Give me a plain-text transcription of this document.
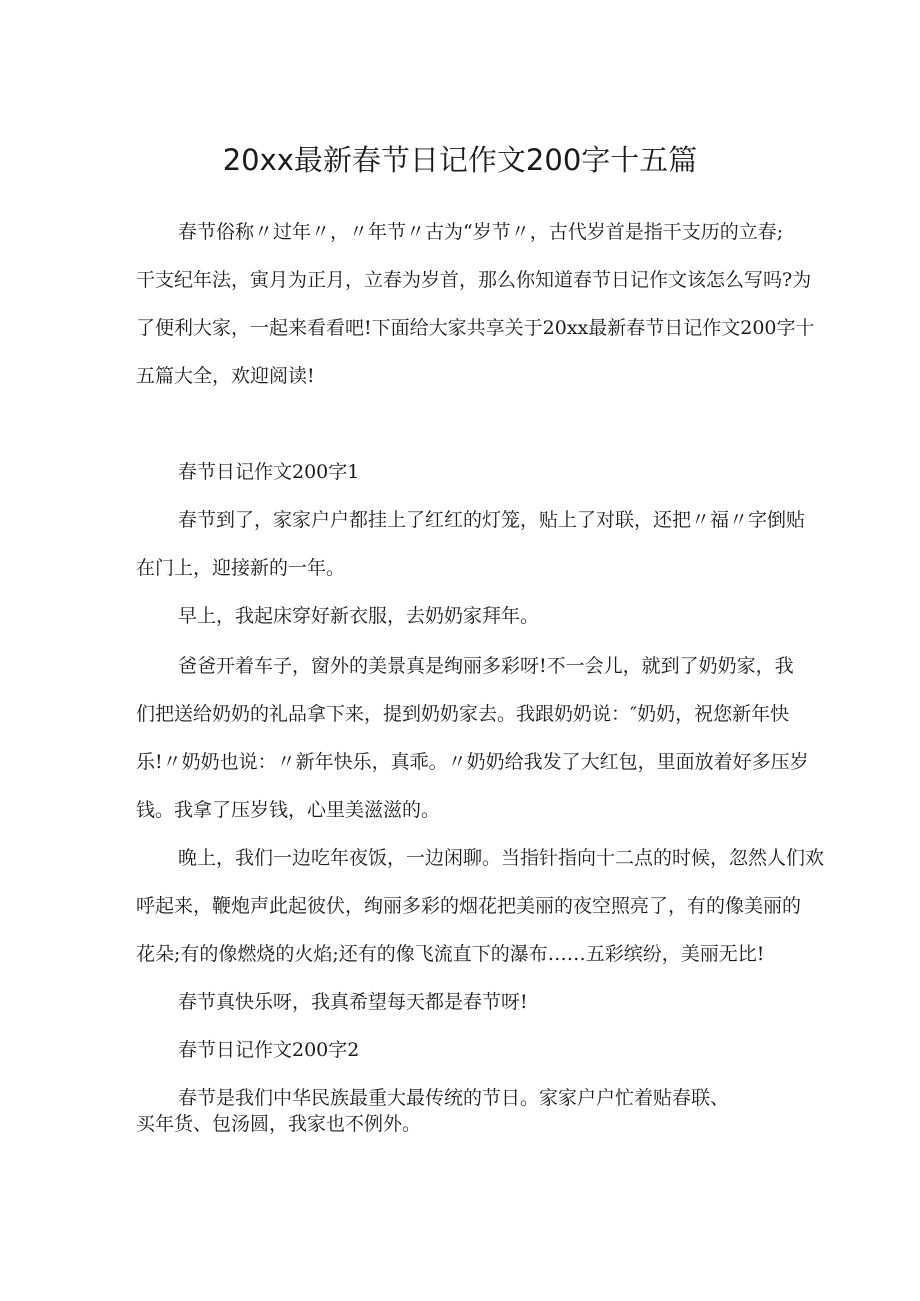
20xx最新春节日记作文200字十五篇
春节俗称〃过年〃，〃年节〃古为“岁节〃，古代岁首是指干支历的立春;
干支纪年法，寅月为正月，立春为岁首，那么你知道春节日记作文该怎么写吗?为
了便利大家，一起来看看吧!下面给大家共享关于20xx最新春节日记作文200字十
五篇大全，欢迎阅读!
春节日记作文200字1
春节到了，家家户户都挂上了红红的灯笼，贴上了对联，还把〃福〃字倒贴
在门上，迎接新的一年。
早上，我起床穿好新衣服，去奶奶家拜年。
爸爸开着车子，窗外的美景真是绚丽多彩呀!不一会儿，就到了奶奶家，我
们把送给奶奶的礼品拿下来，提到奶奶家去。我跟奶奶说：″奶奶，祝您新年快
乐!〃奶奶也说：〃新年快乐，真乖。〃奶奶给我发了大红包，里面放着好多压岁
钱。我拿了压岁钱，心里美滋滋的。
晚上，我们一边吃年夜饭，一边闲聊。当指针指向十二点的时候，忽然人们欢
呼起来，鞭炮声此起彼伏，绚丽多彩的烟花把美丽的夜空照亮了，有的像美丽的
花朵;有的像燃烧的火焰;还有的像飞流直下的瀑布……五彩缤纷，美丽无比!
春节真快乐呀，我真希望每天都是春节呀!
春节日记作文200字2
春节是我们中华民族最重大最传统的节日。家家户户忙着贴春联、
买年货、包汤圆，我家也不例外。
